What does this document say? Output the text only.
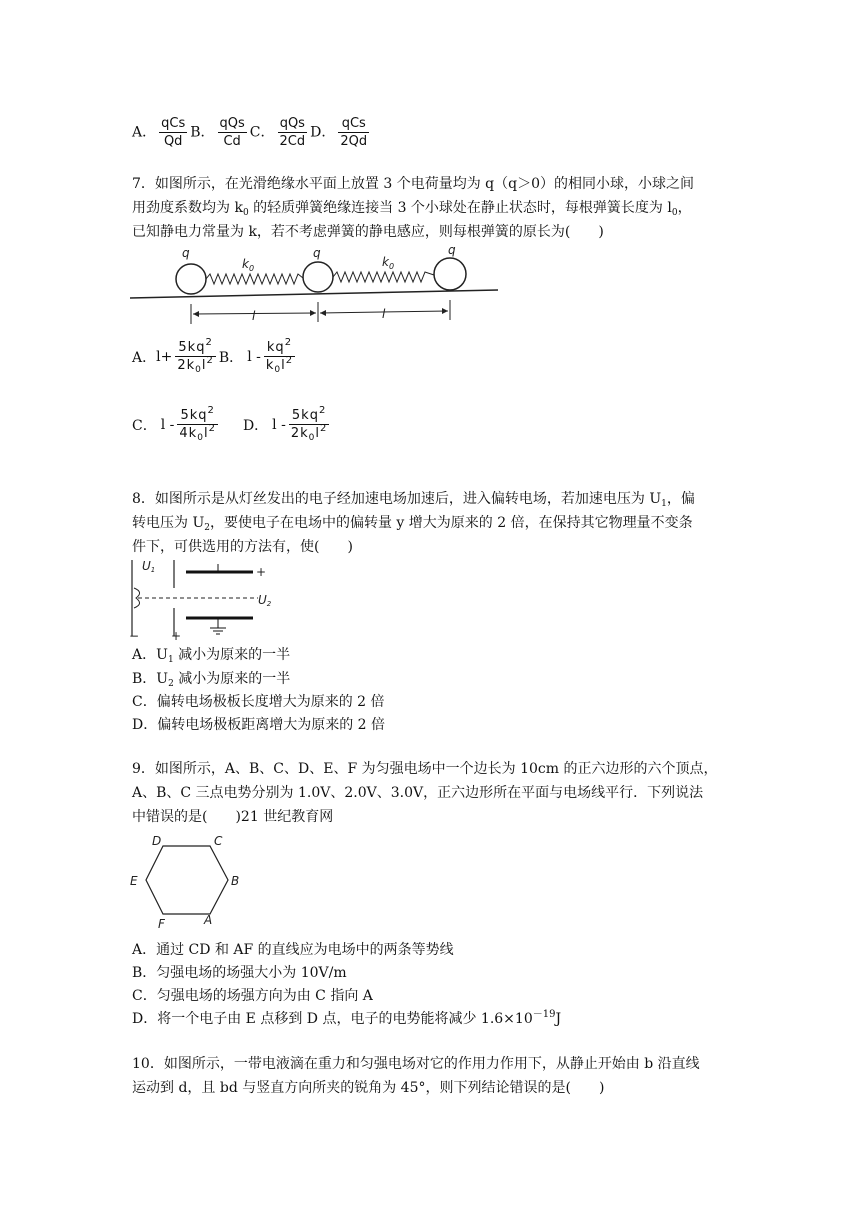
A． $\frac{\text{qCs}}{Qd}$ B． $\frac{\text{qQs}}{Cd}$ C． $\frac{\text{qQs}}{2Cd}$ D． $\frac{\text{qCs}}{2Qd}$
7．如图所示，在光滑绝缘水平面上放置 3 个电荷量均为 q（q＞0）的相同小球，小球之间
用劲度系数均为 $k_0$ 的轻质弹簧绝缘连接当 3 个小球处在静止状态时，每根弹簧长度为 $l_0$，
已知静电力常量为 k，若不考虑弹簧的静电感应，则每根弹簧的原长为(　　)
q	q	q
$k_0$	$k_0$
l	l
A． $l+ \frac{5kq^2}{2k_0l^2}$ B． l - $\frac{kq^2}{k_0l^2}$
C． l - $\frac{5kq^2}{4k_0l^2}$ D． l - $\frac{5kq^2}{2k_0l^2}$
8．如图所示是从灯丝发出的电子经加速电场加速后，进入偏转电场，若加速电压为 $U_1$，偏
转电压为 $U_2$，要使电子在电场中的偏转量 y 增大为原来的 2 倍，在保持其它物理量不变条
件下，可供选用的方法有，使(　　)
U1	+
U2
−	+
A．$U_1$ 减小为原来的一半
B．$U_2$ 减小为原来的一半
C．偏转电场极板长度增大为原来的 2 倍
D．偏转电场极板距离增大为原来的 2 倍
9．如图所示，A、B、C、D、E、F 为匀强电场中一个边长为 10cm 的正六边形的六个顶点，
A、B、C 三点电势分别为 1.0V、2.0V、3.0V，正六边形所在平面与电场线平行．下列说法
中错误的是(　　)21 世纪教育网
D	C
E	B
F	A
A．通过 CD 和 AF 的直线应为电场中的两条等势线
B．匀强电场的场强大小为 10V/m
C．匀强电场的场强方向为由 C 指向 A
D．将一个电子由 E 点移到 D 点，电子的电势能将减少 $1.6\times 10^{-19}J$
10．如图所示，一带电液滴在重力和匀强电场对它的作用力作用下，从静止开始由 b 沿直线
运动到 d，且 bd 与竖直方向所夹的锐角为 45°，则下列结论错误的是(　　)
